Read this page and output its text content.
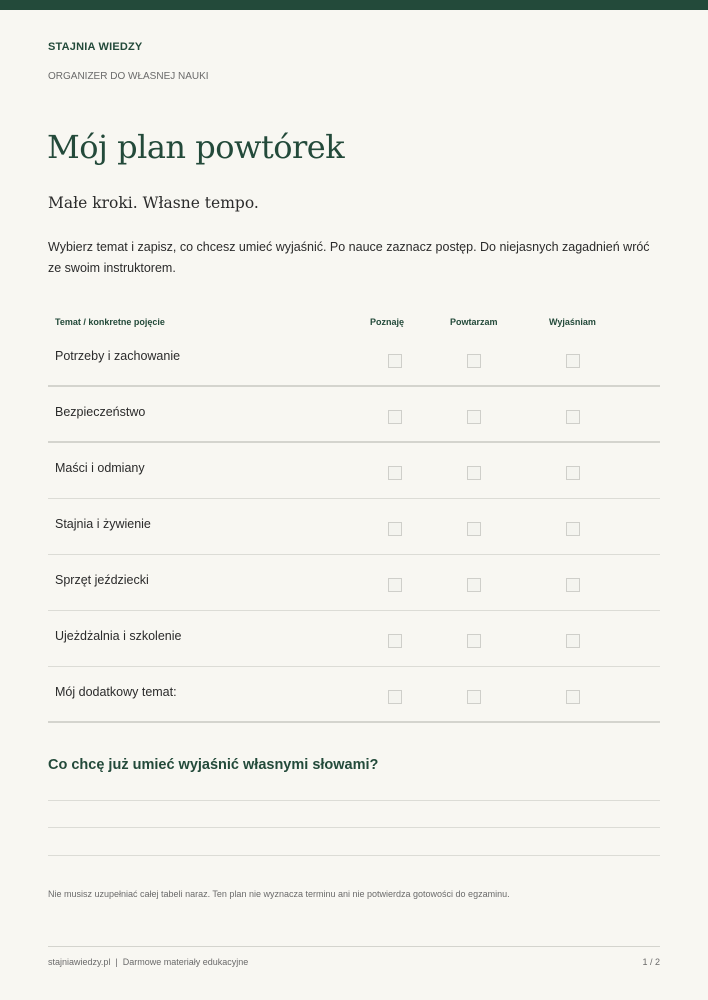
STAJNIA WIEDZY
ORGANIZER DO WŁASNEJ NAUKI
Mój plan powtórek
Małe kroki. Własne tempo.

Wybierz temat i zapisz, co chcesz umieć wyjaśnić. Po nauce zaznacz postęp. Do niejasnych zagadnień wróć ze swoim instruktorem.

Temat / konkretne pojęcie	Poznaję	Powtarzam	Wyjaśniam
Potrzeby i zachowanie
Bezpieczeństwo
Maści i odmiany
Stajnia i żywienie
Sprzęt jeździecki
Ujeżdżalnia i szkolenie
Mój dodatkowy temat:
Co chcę już umieć wyjaśnić własnymi słowami?

Nie musisz uzupełniać całej tabeli naraz. Ten plan nie wyznacza terminu ani nie potwierdza gotowości do egzaminu.

stajniawiedzy.pl  |  Darmowe materiały edukacyjne	1 / 2
